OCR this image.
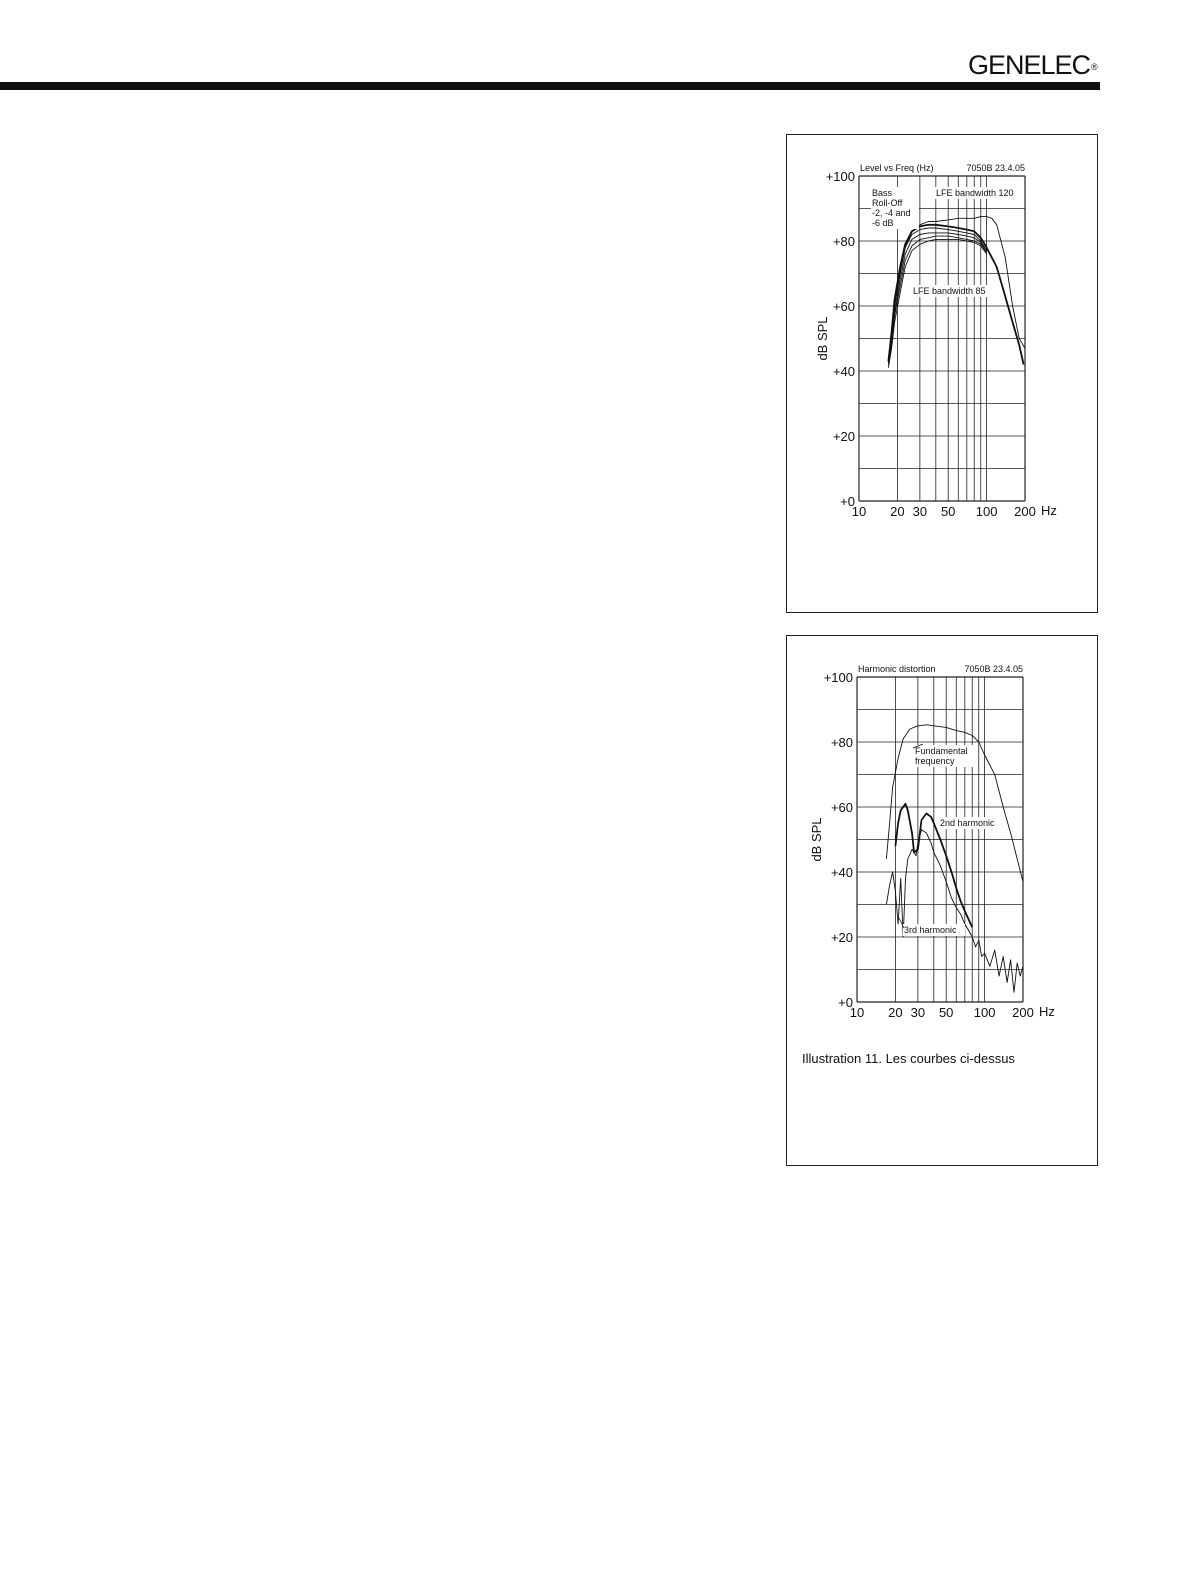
GENELEC®
+0
+20
+40
+60
+80
+100
10 20 30 50 100 200 Hz
dB SPL
Level vs Freq (Hz)	7050B 23.4.05
Bass
Roll-Off
-2, -4 and
-6 dB
LFE bandwidth 120
LFE bandwidth 85
+0
+20
+40
+60
+80
+100
10 20 30 50 100 200 Hz
dB SPL
Harmonic distortion	7050B 23.4.05
Fundamental
frequency
2nd harmonic
3rd harmonic
Illustration 11. Les courbes ci-dessus
